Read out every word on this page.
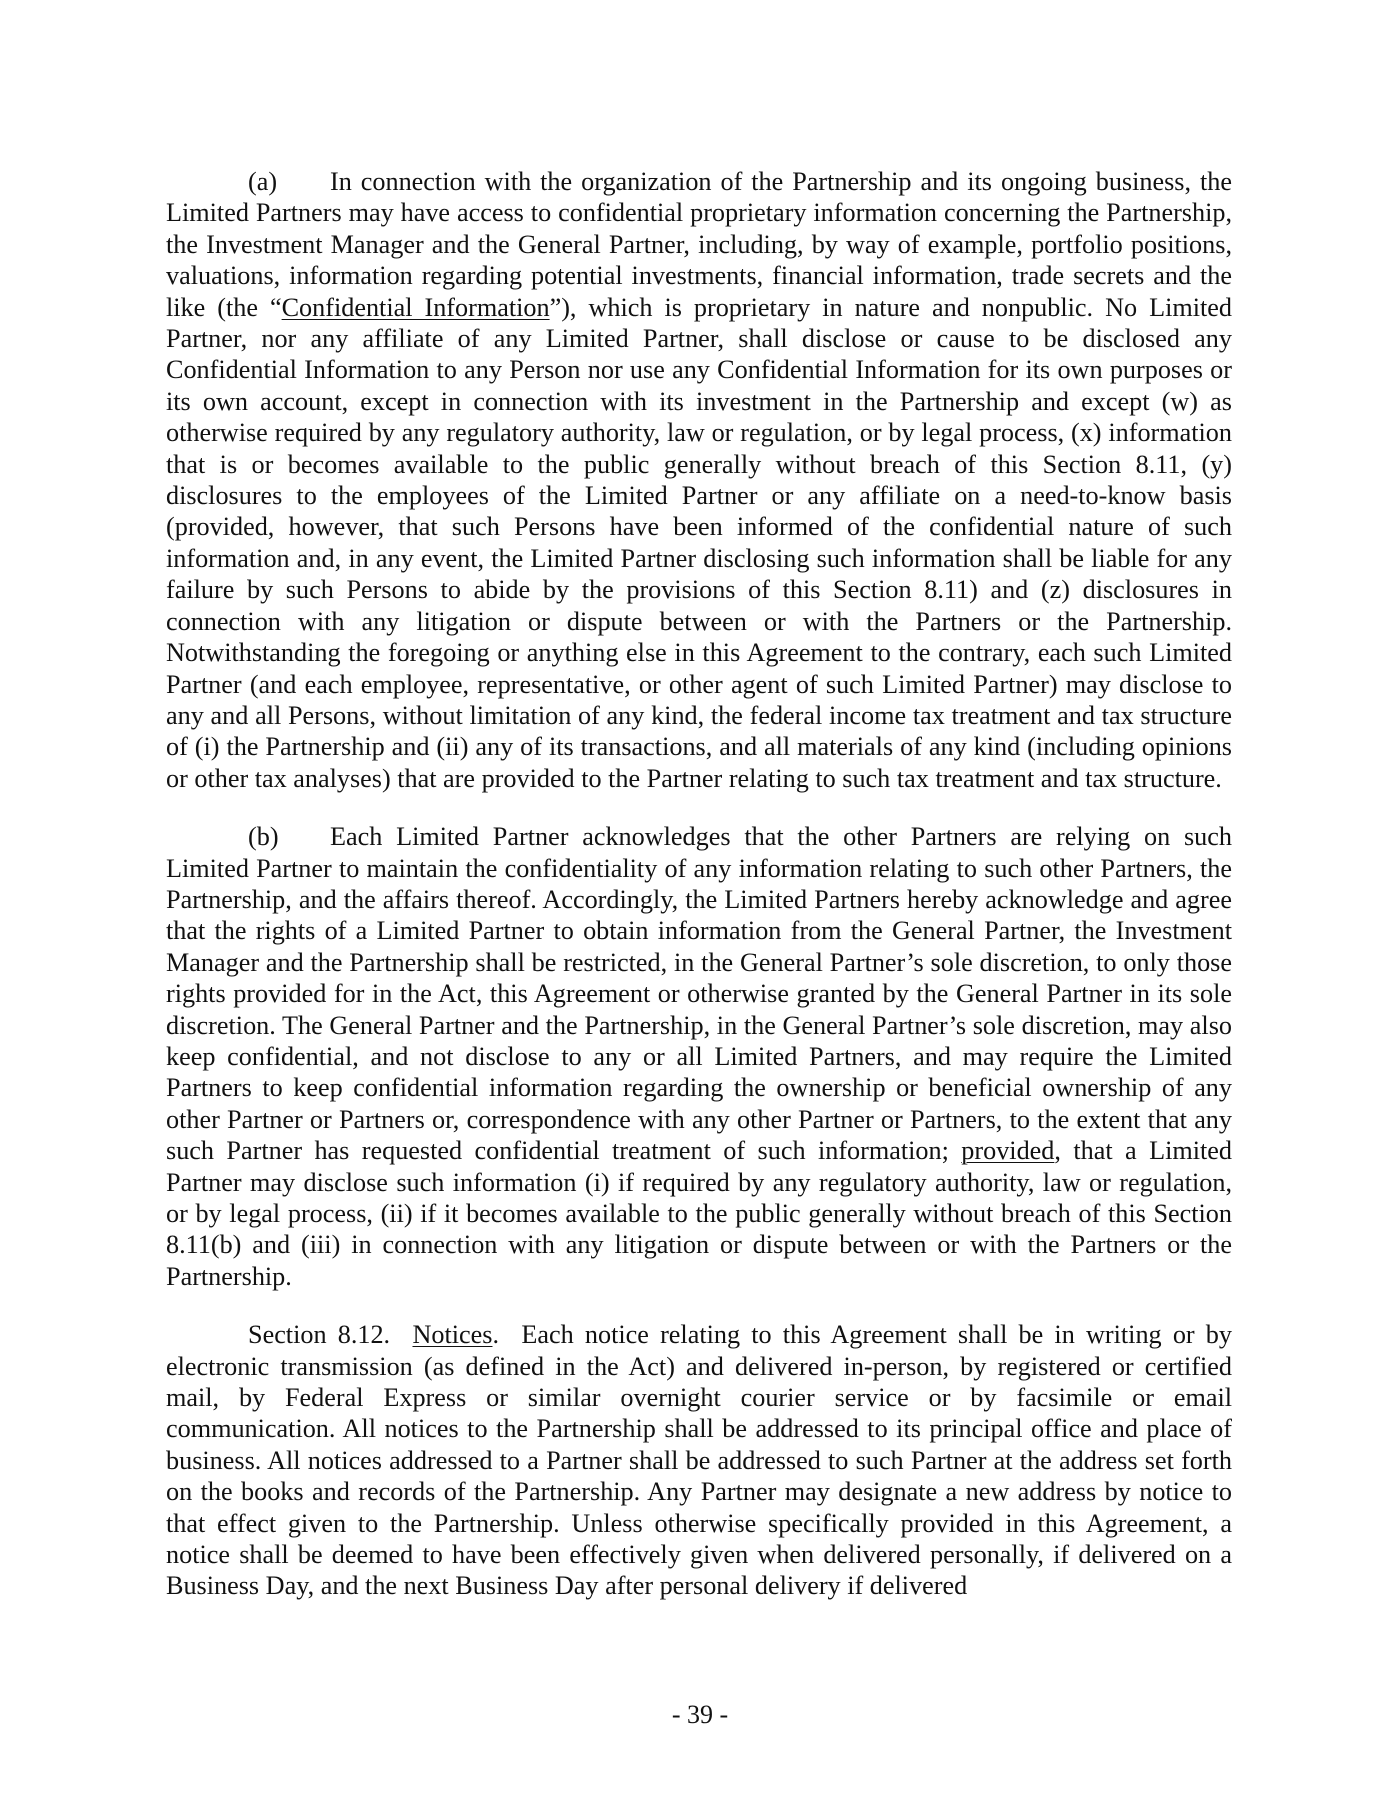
(a) In connection with the organization of the Partnership and its ongoing business, the Limited Partners may have access to confidential proprietary information concerning the Partnership, the Investment Manager and the General Partner, including, by way of example, portfolio positions, valuations, information regarding potential investments, financial information, trade secrets and the like (the “Confidential Information”), which is proprietary in nature and nonpublic. No Limited Partner, nor any affiliate of any Limited Partner, shall disclose or cause to be disclosed any Confidential Information to any Person nor use any Confidential Information for its own purposes or its own account, except in connection with its investment in the Partnership and except (w) as otherwise required by any regulatory authority, law or regulation, or by legal process, (x) information that is or becomes available to the public generally without breach of this Section 8.11, (y) disclosures to the employees of the Limited Partner or any affiliate on a need-to-know basis (provided, however, that such Persons have been informed of the confidential nature of such information and, in any event, the Limited Partner disclosing such information shall be liable for any failure by such Persons to abide by the provisions of this Section 8.11) and (z) disclosures in connection with any litigation or dispute between or with the Partners or the Partnership. Notwithstanding the foregoing or anything else in this Agreement to the contrary, each such Limited Partner (and each employee, representative, or other agent of such Limited Partner) may disclose to any and all Persons, without limitation of any kind, the federal income tax treatment and tax structure of (i) the Partnership and (ii) any of its transactions, and all materials of any kind (including opinions or other tax analyses) that are provided to the Partner relating to such tax treatment and tax structure.

(b) Each Limited Partner acknowledges that the other Partners are relying on such Limited Partner to maintain the confidentiality of any information relating to such other Partners, the Partnership, and the affairs thereof. Accordingly, the Limited Partners hereby acknowledge and agree that the rights of a Limited Partner to obtain information from the General Partner, the Investment Manager and the Partnership shall be restricted, in the General Partner’s sole discretion, to only those rights provided for in the Act, this Agreement or otherwise granted by the General Partner in its sole discretion. The General Partner and the Partnership, in the General Partner’s sole discretion, may also keep confidential, and not disclose to any or all Limited Partners, and may require the Limited Partners to keep confidential information regarding the ownership or beneficial ownership of any other Partner or Partners or, correspondence with any other Partner or Partners, to the extent that any such Partner has requested confidential treatment of such information; provided, that a Limited Partner may disclose such information (i) if required by any regulatory authority, law or regulation, or by legal process, (ii) if it becomes available to the public generally without breach of this Section 8.11(b) and (iii) in connection with any litigation or dispute between or with the Partners or the Partnership.

Section 8.12. Notices. Each notice relating to this Agreement shall be in writing or by electronic transmission (as defined in the Act) and delivered in-person, by registered or certified mail, by Federal Express or similar overnight courier service or by facsimile or email communication. All notices to the Partnership shall be addressed to its principal office and place of business. All notices addressed to a Partner shall be addressed to such Partner at the address set forth on the books and records of the Partnership. Any Partner may designate a new address by notice to that effect given to the Partnership. Unless otherwise specifically provided in this Agreement, a notice shall be deemed to have been effectively given when delivered personally, if delivered on a Business Day, and the next Business Day after personal delivery if delivered

- 39 -
